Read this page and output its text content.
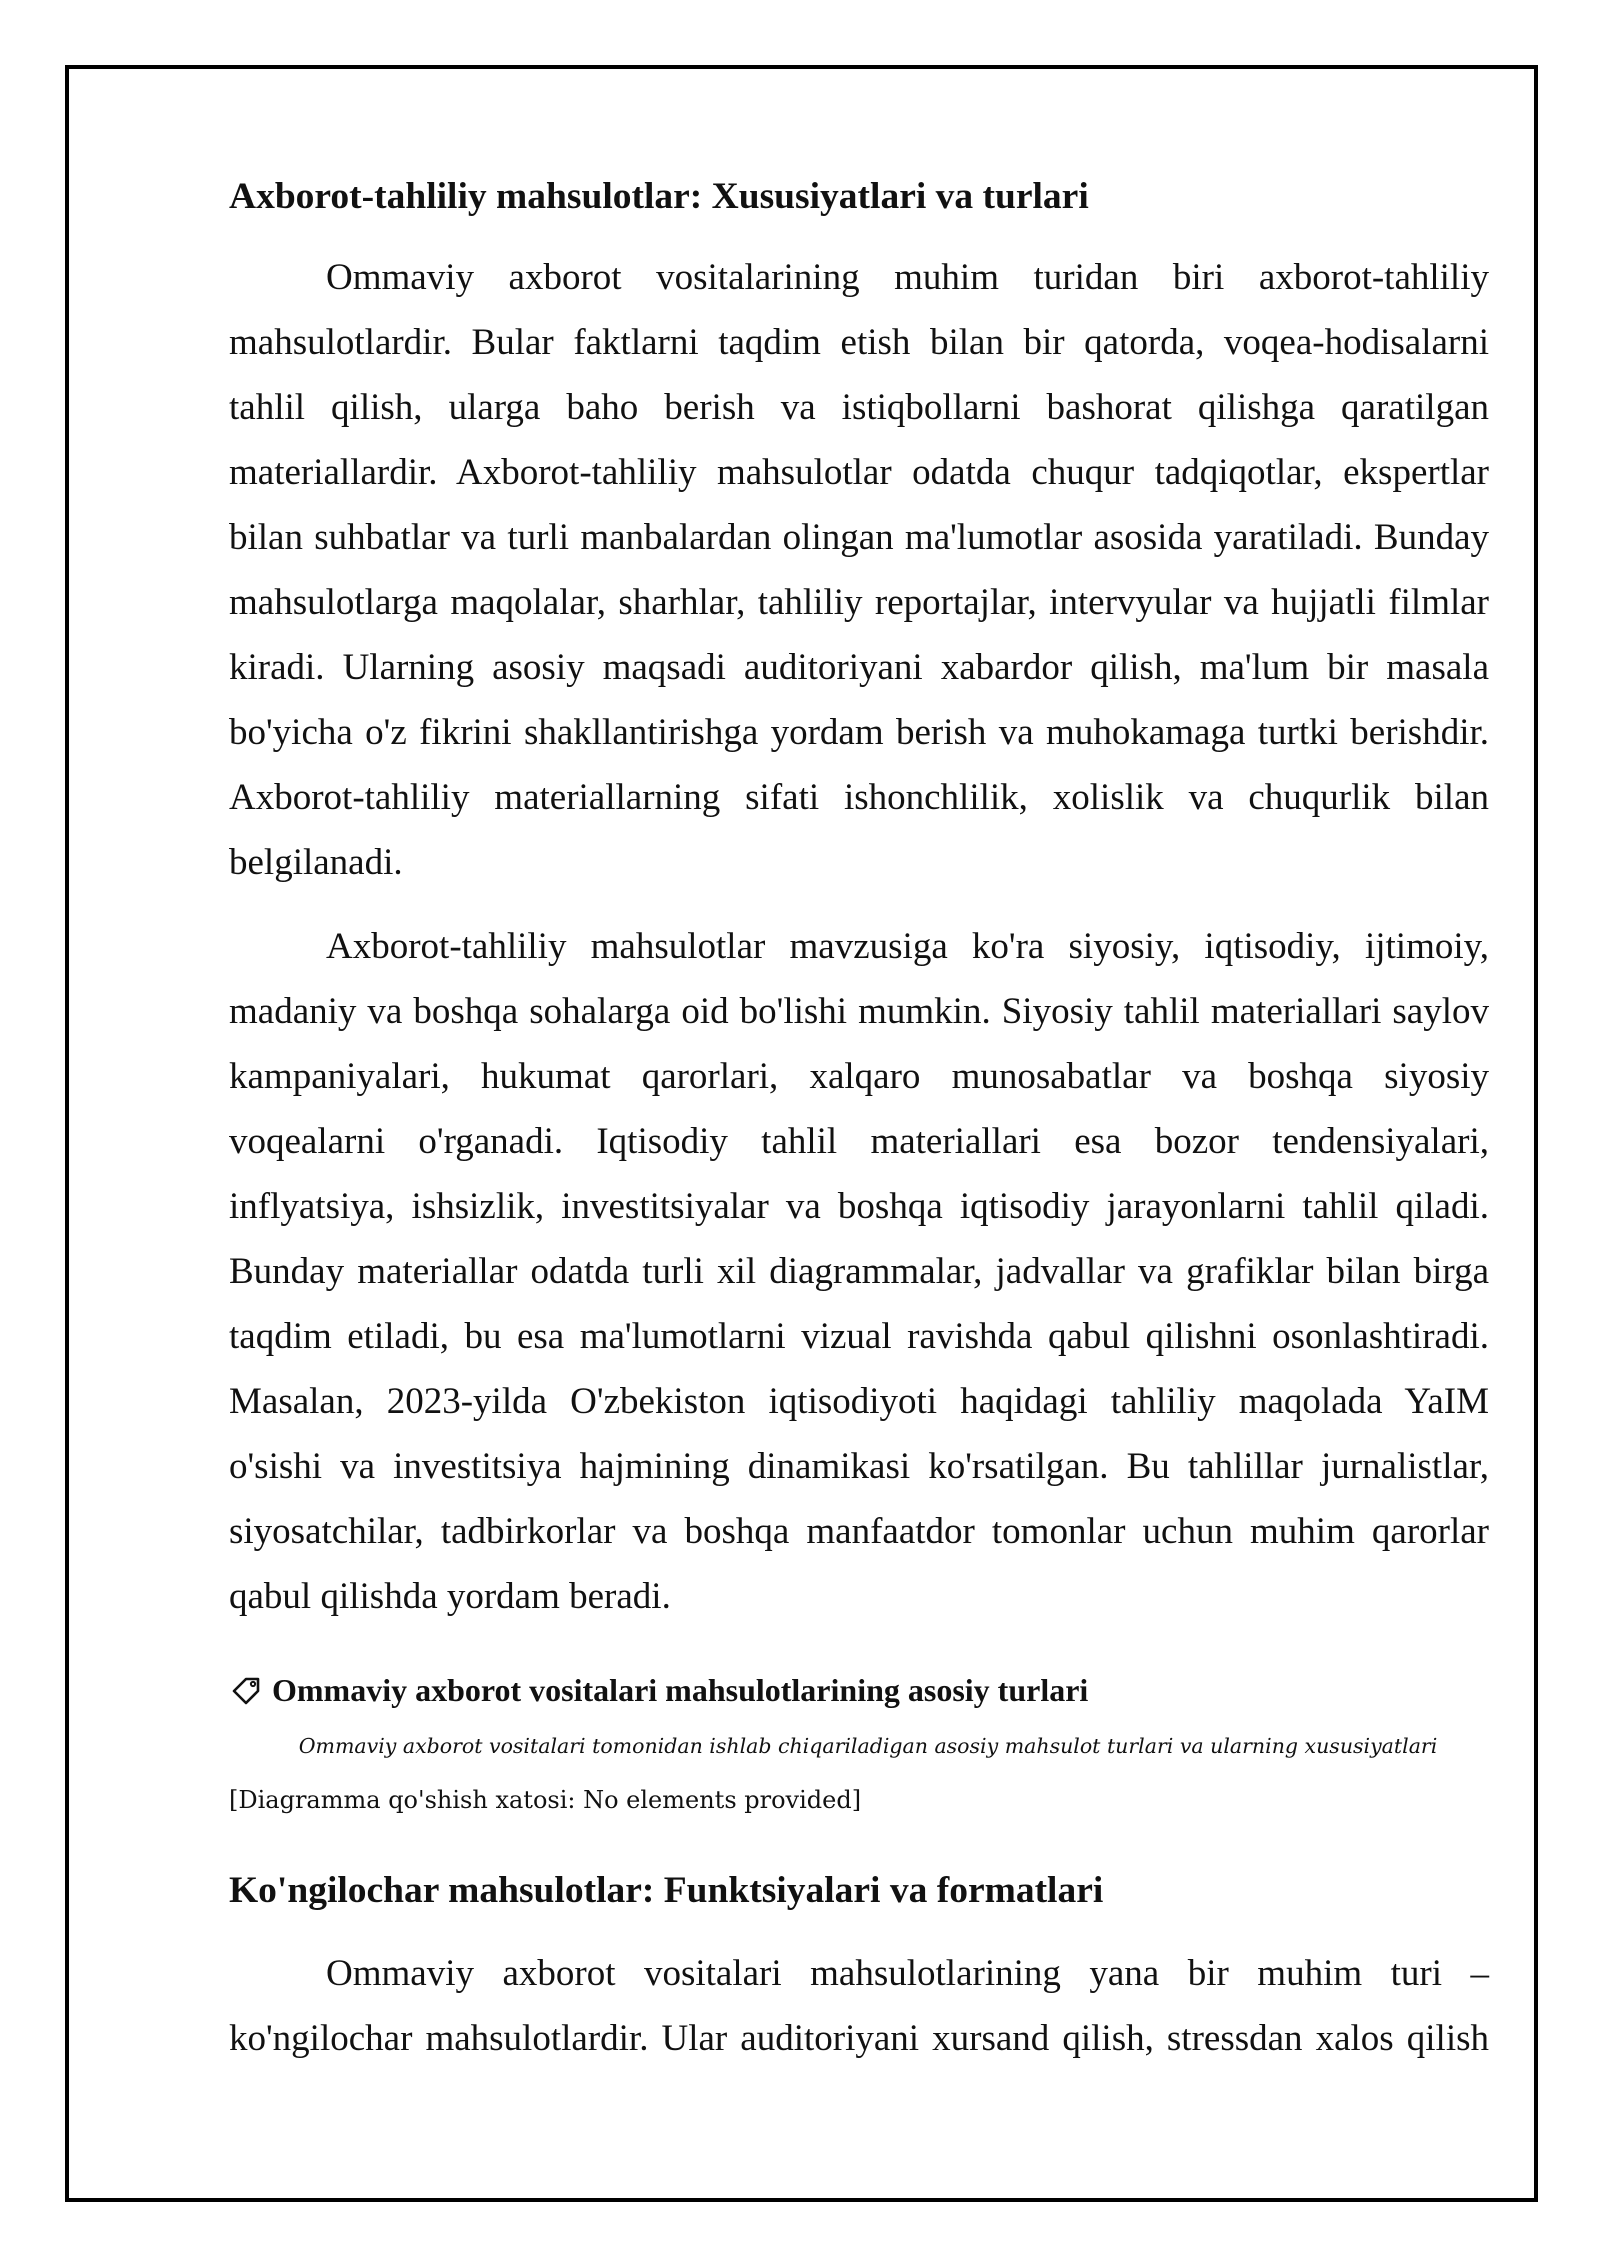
Axborot-tahliliy mahsulotlar: Xususiyatlari va turlari
Ommaviy axborot vositalarining muhim turidan biri axborot-tahliliy
mahsulotlardir. Bular faktlarni taqdim etish bilan bir qatorda, voqea-hodisalarni
tahlil qilish, ularga baho berish va istiqbollarni bashorat qilishga qaratilgan
materiallardir. Axborot-tahliliy mahsulotlar odatda chuqur tadqiqotlar, ekspertlar
bilan suhbatlar va turli manbalardan olingan ma'lumotlar asosida yaratiladi. Bunday
mahsulotlarga maqolalar, sharhlar, tahliliy reportajlar, intervyular va hujjatli filmlar
kiradi. Ularning asosiy maqsadi auditoriyani xabardor qilish, ma'lum bir masala
bo'yicha o'z fikrini shakllantirishga yordam berish va muhokamaga turtki berishdir.
Axborot-tahliliy materiallarning sifati ishonchlilik, xolislik va chuqurlik bilan
belgilanadi.
Axborot-tahliliy mahsulotlar mavzusiga ko'ra siyosiy, iqtisodiy, ijtimoiy,
madaniy va boshqa sohalarga oid bo'lishi mumkin. Siyosiy tahlil materiallari saylov
kampaniyalari, hukumat qarorlari, xalqaro munosabatlar va boshqa siyosiy
voqealarni o'rganadi. Iqtisodiy tahlil materiallari esa bozor tendensiyalari,
inflyatsiya, ishsizlik, investitsiyalar va boshqa iqtisodiy jarayonlarni tahlil qiladi.
Bunday materiallar odatda turli xil diagrammalar, jadvallar va grafiklar bilan birga
taqdim etiladi, bu esa ma'lumotlarni vizual ravishda qabul qilishni osonlashtiradi.
Masalan, 2023-yilda O'zbekiston iqtisodiyoti haqidagi tahliliy maqolada YaIM
o'sishi va investitsiya hajmining dinamikasi ko'rsatilgan. Bu tahlillar jurnalistlar,
siyosatchilar, tadbirkorlar va boshqa manfaatdor tomonlar uchun muhim qarorlar
qabul qilishda yordam beradi.
Ommaviy axborot vositalari mahsulotlarining asosiy turlari
Ommaviy axborot vositalari tomonidan ishlab chiqariladigan asosiy mahsulot turlari va ularning xususiyatlari
[Diagramma qo'shish xatosi: No elements provided]
Ko'ngilochar mahsulotlar: Funktsiyalari va formatlari
Ommaviy axborot vositalari mahsulotlarining yana bir muhim turi –
ko'ngilochar mahsulotlardir. Ular auditoriyani xursand qilish, stressdan xalos qilish
